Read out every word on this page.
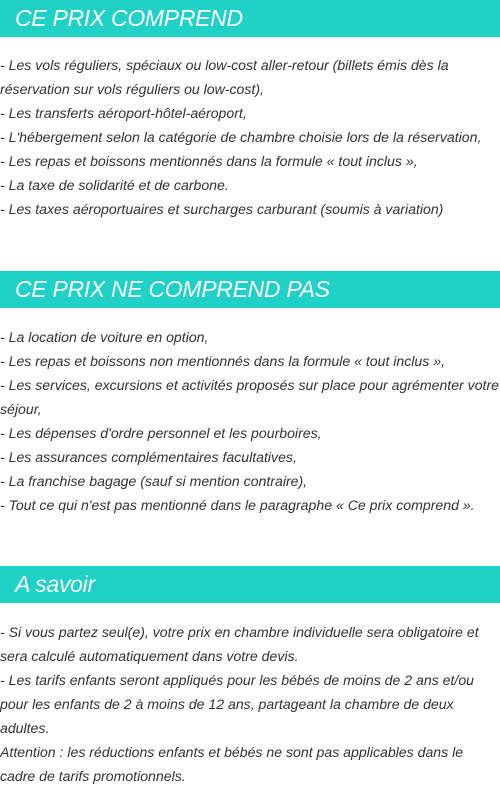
CE PRIX COMPREND
- Les vols réguliers, spéciaux ou low-cost aller-retour (billets émis dès la réservation sur vols réguliers ou low-cost),
- Les transferts aéroport-hôtel-aéroport,
- L'hébergement selon la catégorie de chambre choisie lors de la réservation,
- Les repas et boissons mentionnés dans la formule « tout inclus »,
- La taxe de solidarité et de carbone.
- Les taxes aéroportuaires et surcharges carburant (soumis à variation)
CE PRIX NE COMPREND PAS
- La location de voiture en option,
- Les repas et boissons non mentionnés dans la formule « tout inclus »,
- Les services, excursions et activités proposés sur place pour agrémenter votre séjour,
- Les dépenses d'ordre personnel et les pourboires,
- Les assurances complémentaires facultatives,
- La franchise bagage (sauf si mention contraire),
- Tout ce qui n'est pas mentionné dans le paragraphe « Ce prix comprend ».
A savoir
- Si vous partez seul(e), votre prix en chambre individuelle sera obligatoire et sera calculé automatiquement dans votre devis.
- Les tarifs enfants seront appliqués pour les bébés de moins de 2 ans et/ou pour les enfants de 2 à moins de 12 ans, partageant la chambre de deux adultes.
Attention : les réductions enfants et bébés ne sont pas applicables dans le cadre de tarifs promotionnels.
